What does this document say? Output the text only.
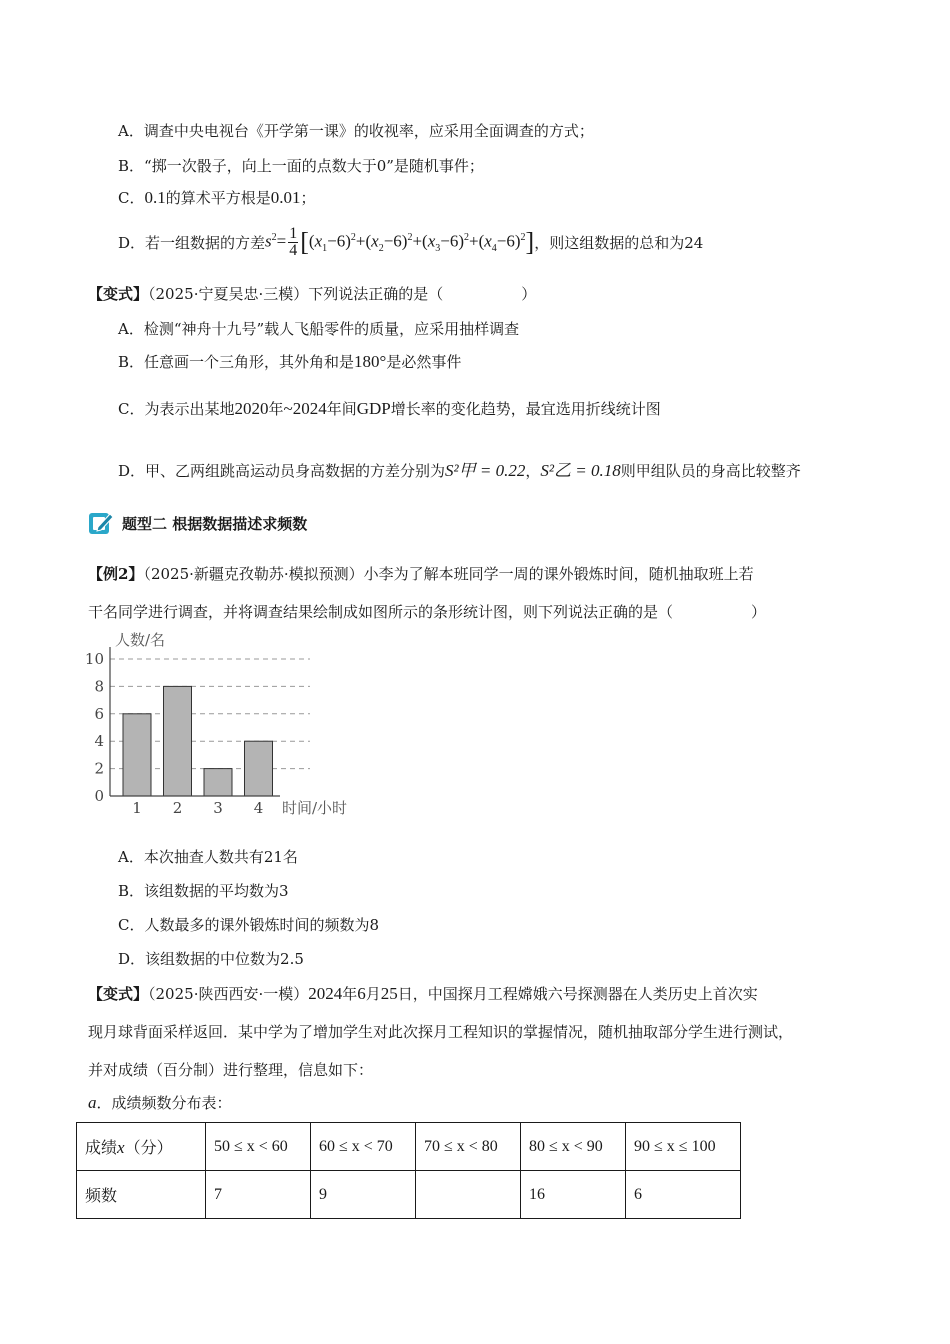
A．调查中央电视台《开学第一课》的收视率，应采用全面调查的方式；
B．“掷一次骰子，向上一面的点数大于0”是随机事件；
C．0.1的算术平方根是0.01；
D．若一组数据的方差 $s^2= \frac{1}{4} [(x_1-6)^2+(x_2-6)^2+(x_3-6)^2+(x_4-6)^2]$ ，则这组数据的总和为24
【变式】（2025·宁夏吴忠·三模）下列说法正确的是（	）
A．检测“神舟十九号”载人飞船零件的质量，应采用抽样调查
B．任意画一个三角形，其外角和是180°是必然事件
C．为表示出某地2020年~2024年间GDP增长率的变化趋势，最宜选用折线统计图
D．甲、乙两组跳高运动员身高数据的方差分别为S²甲 = 0.22，S²乙 = 0.18则甲组队员的身高比较整齐
题型二 根据数据描述求频数
【例2】（2025·新疆克孜勒苏·模拟预测）小李为了解本班同学一周的课外锻炼时间，随机抽取班上若
干名同学进行调查，并将调查结果绘制成如图所示的条形统计图，则下列说法正确的是（	）
0
2
4
6
8
10
1 2 3 4
人数/名
时间/小时
A．本次抽查人数共有21名
B．该组数据的平均数为3
C．人数最多的课外锻炼时间的频数为8
D．该组数据的中位数为2.5
【变式】（2025·陕西西安·一模）2024年6月25日，中国探月工程嫦娥六号探测器在人类历史上首次实
现月球背面采样返回．某中学为了增加学生对此次探月工程知识的掌握情况，随机抽取部分学生进行测试，
并对成绩（百分制）进行整理，信息如下：
a．成绩频数分布表：
成绩x（分）	50 ≤ x < 60	60 ≤ x < 70	70 ≤ x < 80	80 ≤ x < 90	90 ≤ x ≤ 100
频数	7	9		16	6
